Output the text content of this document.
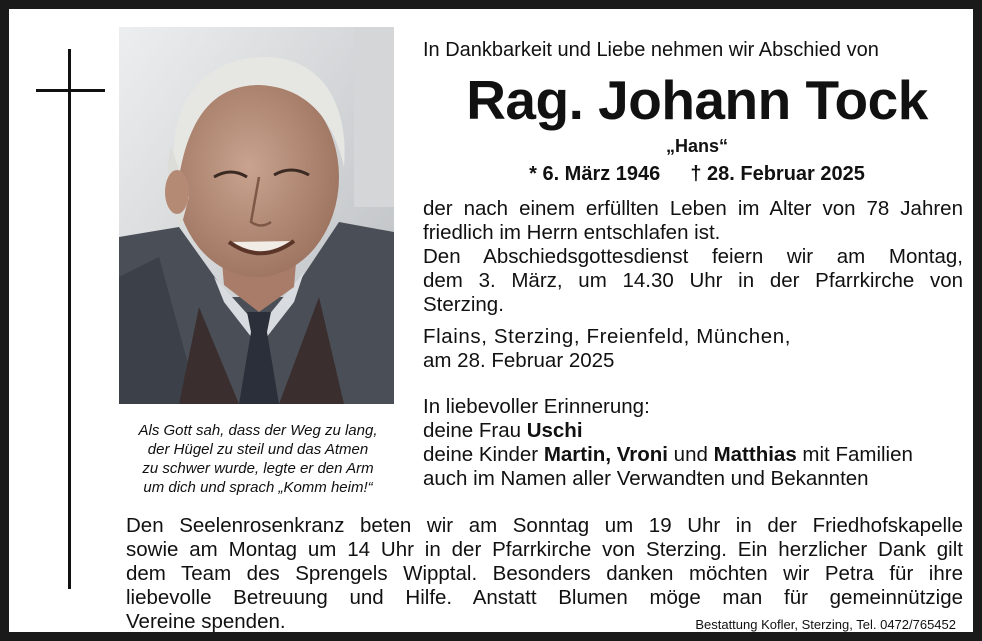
Als Gott sah, dass der Weg zu lang,
der Hügel zu steil und das Atmen
zu schwer wurde, legte er den Arm
um dich und sprach „Komm heim!“
In Dankbarkeit und Liebe nehmen wir Abschied von
Rag. Johann Tock
„Hans“
* 6. März 1946 † 28. Februar 2025
der nach einem erfüllten Leben im Alter von 78 Jahren
friedlich im Herrn entschlafen ist.
Den Abschiedsgottesdienst feiern wir am Montag,
dem 3. März, um 14.30 Uhr in der Pfarrkirche von
Sterzing.
Flains, Sterzing, Freienfeld, München,
am 28. Februar 2025
In liebevoller Erinnerung:
deine Frau Uschi
deine Kinder Martin, Vroni und Matthias mit Familien
auch im Namen aller Verwandten und Bekannten
Den Seelenrosenkranz beten wir am Sonntag um 19 Uhr in der Friedhofskapelle
sowie am Montag um 14 Uhr in der Pfarrkirche von Sterzing. Ein herzlicher Dank gilt
dem Team des Sprengels Wipptal. Besonders danken möchten wir Petra für ihre
liebevolle Betreuung und Hilfe. Anstatt Blumen möge man für gemeinnützige
Vereine spenden.	Bestattung Kofler, Sterzing, Tel. 0472/765452
